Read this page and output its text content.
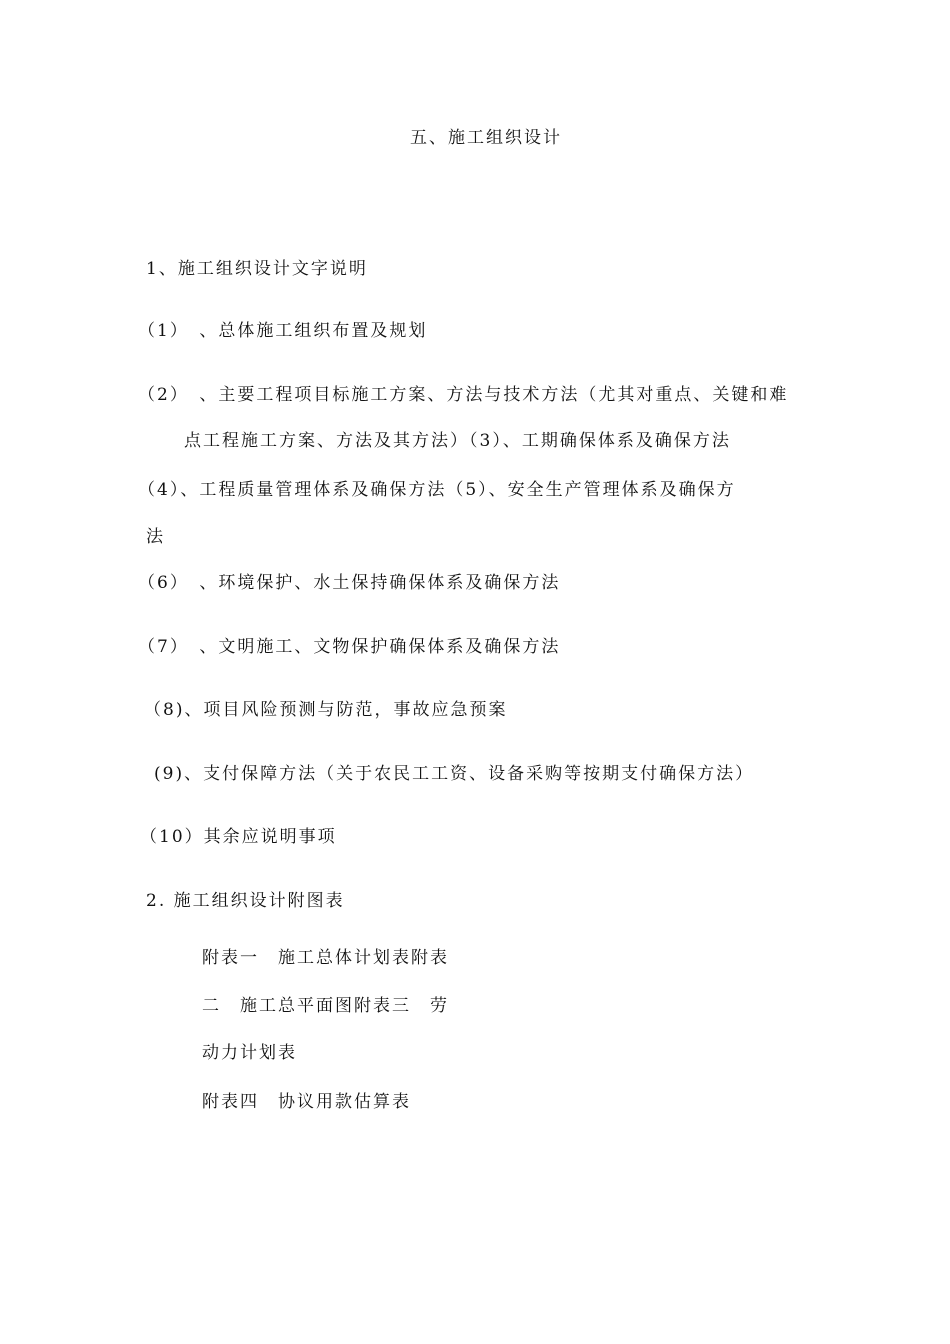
五、施工组织设计
1、施工组织设计文字说明
（1）　、总体施工组织布置及规划
（2）　、主要工程项目标施工方案、方法与技术方法（尤其对重点、关键和难
点工程施工方案、方法及其方法）（3）、工期确保体系及确保方法
（4）、工程质量管理体系及确保方法（5）、安全生产管理体系及确保方
法
（6）　、环境保护、水土保持确保体系及确保方法
（7）　、文明施工、文物保护确保体系及确保方法
（8)、项目风险预测与防范，事故应急预案
(9)、支付保障方法（关于农民工工资、设备采购等按期支付确保方法）
（10）其余应说明事项
2. 施工组织设计附图表
附表一　施工总体计划表附表
二　施工总平面图附表三　劳
动力计划表
附表四　协议用款估算表
